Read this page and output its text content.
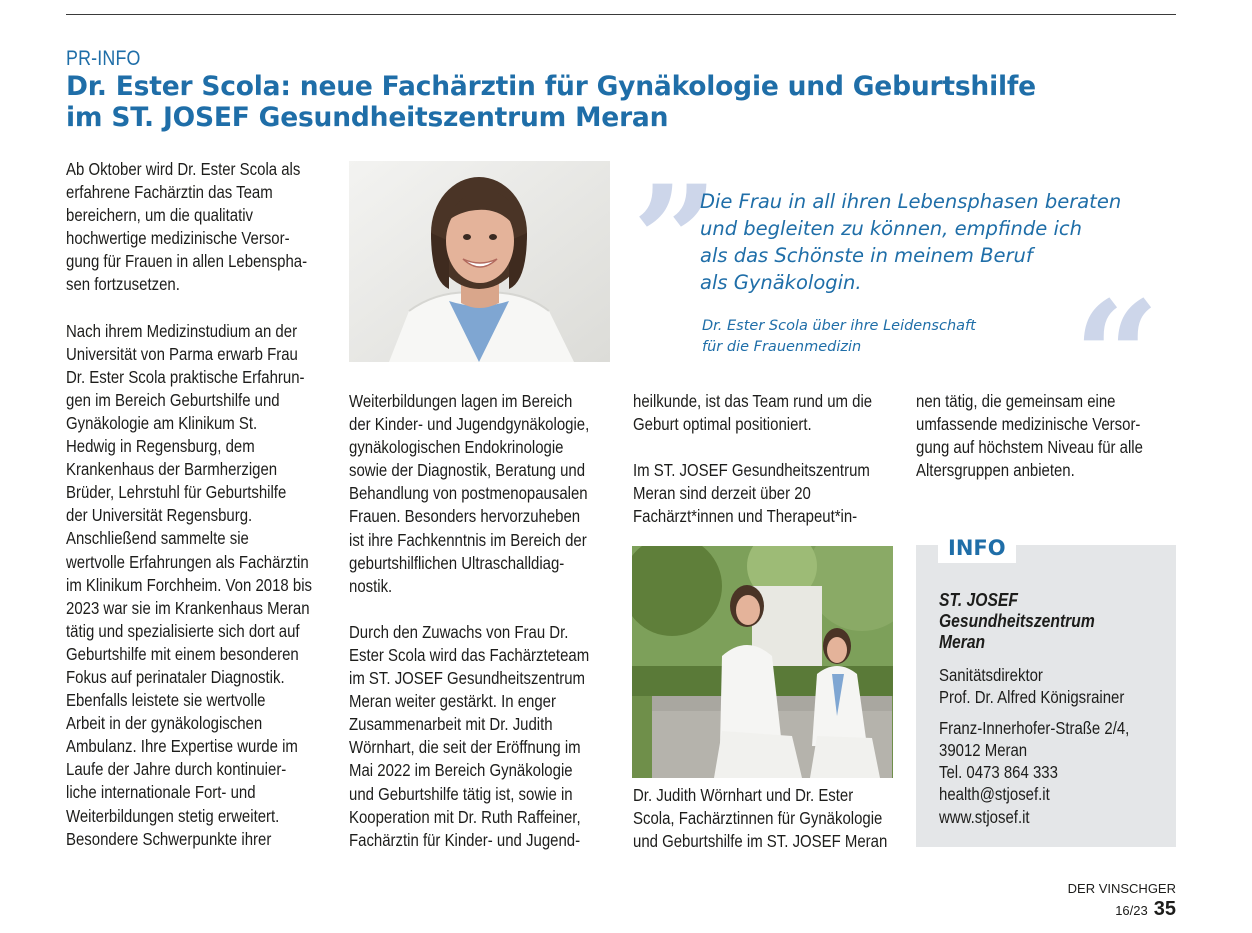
PR-INFO
Dr. Ester Scola: neue Fachärztin für Gynäkologie und Geburtshilfe
im ST. JOSEF Gesundheitszentrum Meran

Ab Oktober wird Dr. Ester Scola als

erfahrene Fachärztin das Team

bereichern, um die qualitativ

hochwertige medizinische Versor-

gung für Frauen in allen Lebenspha-

sen fortzusetzen.

Nach ihrem Medizinstudium an der

Universität von Parma erwarb Frau

Dr. Ester Scola praktische Erfahrun-

gen im Bereich Geburtshilfe und

Gynäkologie am Klinikum St.

Hedwig in Regensburg, dem

Krankenhaus der Barmherzigen

Brüder, Lehrstuhl für Geburtshilfe

der Universität Regensburg.

Anschließend sammelte sie

wertvolle Erfahrungen als Fachärztin

im Klinikum Forchheim. Von 2018 bis

2023 war sie im Krankenhaus Meran

tätig und spezialisierte sich dort auf

Geburtshilfe mit einem besonderen

Fokus auf perinataler Diagnostik.

Ebenfalls leistete sie wertvolle

Arbeit in der gynäkologischen

Ambulanz. Ihre Expertise wurde im

Laufe der Jahre durch kontinuier-

liche internationale Fort- und

Weiterbildungen stetig erweitert.

Besondere Schwerpunkte ihrer

” ”
Die Frau in all ihren Lebensphasen beraten
und begleiten zu können, empfinde ich
als das Schönste in meinem Beruf
als Gynäkologin.
Dr. Ester Scola über ihre Leidenschaft
für die Frauenmedizin

Weiterbildungen lagen im Bereich

der Kinder- und Jugendgynäkologie,

gynäkologischen Endokrinologie

sowie der Diagnostik, Beratung und

Behandlung von postmenopausalen

Frauen. Besonders hervorzuheben

ist ihre Fachkenntnis im Bereich der

geburtshilflichen Ultraschalldiag-

nostik.

Durch den Zuwachs von Frau Dr.

Ester Scola wird das Fachärzteteam

im ST. JOSEF Gesundheitszentrum

Meran weiter gestärkt. In enger

Zusammenarbeit mit Dr. Judith

Wörnhart, die seit der Eröffnung im

Mai 2022 im Bereich Gynäkologie

und Geburtshilfe tätig ist, sowie in

Kooperation mit Dr. Ruth Raffeiner,

Fachärztin für Kinder- und Jugend-

heilkunde, ist das Team rund um die

Geburt optimal positioniert.

Im ST. JOSEF Gesundheitszentrum

Meran sind derzeit über 20

Fachärzt*innen und Therapeut*in-

Dr. Judith Wörnhart und Dr. Ester
Scola, Fachärztinnen für Gynäkologie
und Geburtshilfe im ST. JOSEF Meran

nen tätig, die gemeinsam eine

umfassende medizinische Versor-

gung auf höchstem Niveau für alle

Altersgruppen anbieten.

INFO
ST. JOSEF
Gesundheitszentrum
Meran
Sanitätsdirektor
Prof. Dr. Alfred Königsrainer
Franz-Innerhofer-Straße 2/4,
39012 Meran
Tel. 0473 864 333
health@stjosef.it
www.stjosef.it
DER VINSCHGER 16/23 35
